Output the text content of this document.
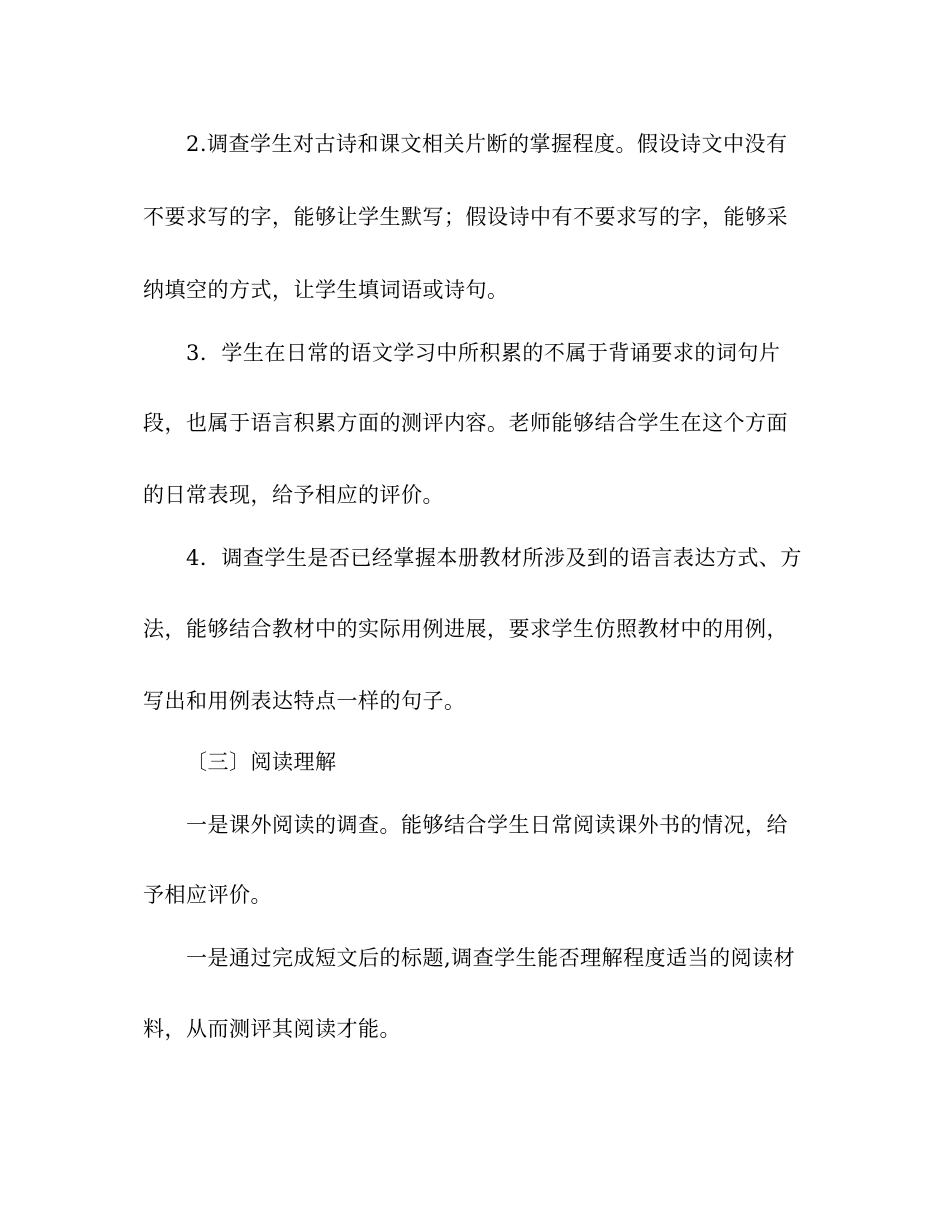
2.调查学生对古诗和课文相关片断的掌握程度。假设诗文中没有
不要求写的字，能够让学生默写；假设诗中有不要求写的字，能够采
纳填空的方式，让学生填词语或诗句。
3．学生在日常的语文学习中所积累的不属于背诵要求的词句片
段，也属于语言积累方面的测评内容。老师能够结合学生在这个方面
的日常表现，给予相应的评价。
4．调查学生是否已经掌握本册教材所涉及到的语言表达方式、方
法，能够结合教材中的实际用例进展，要求学生仿照教材中的用例，
写出和用例表达特点一样的句子。
〔三〕阅读理解
一是课外阅读的调查。能够结合学生日常阅读课外书的情况，给
予相应评价。
一是通过完成短文后的标题,调查学生能否理解程度适当的阅读材
料，从而测评其阅读才能。
